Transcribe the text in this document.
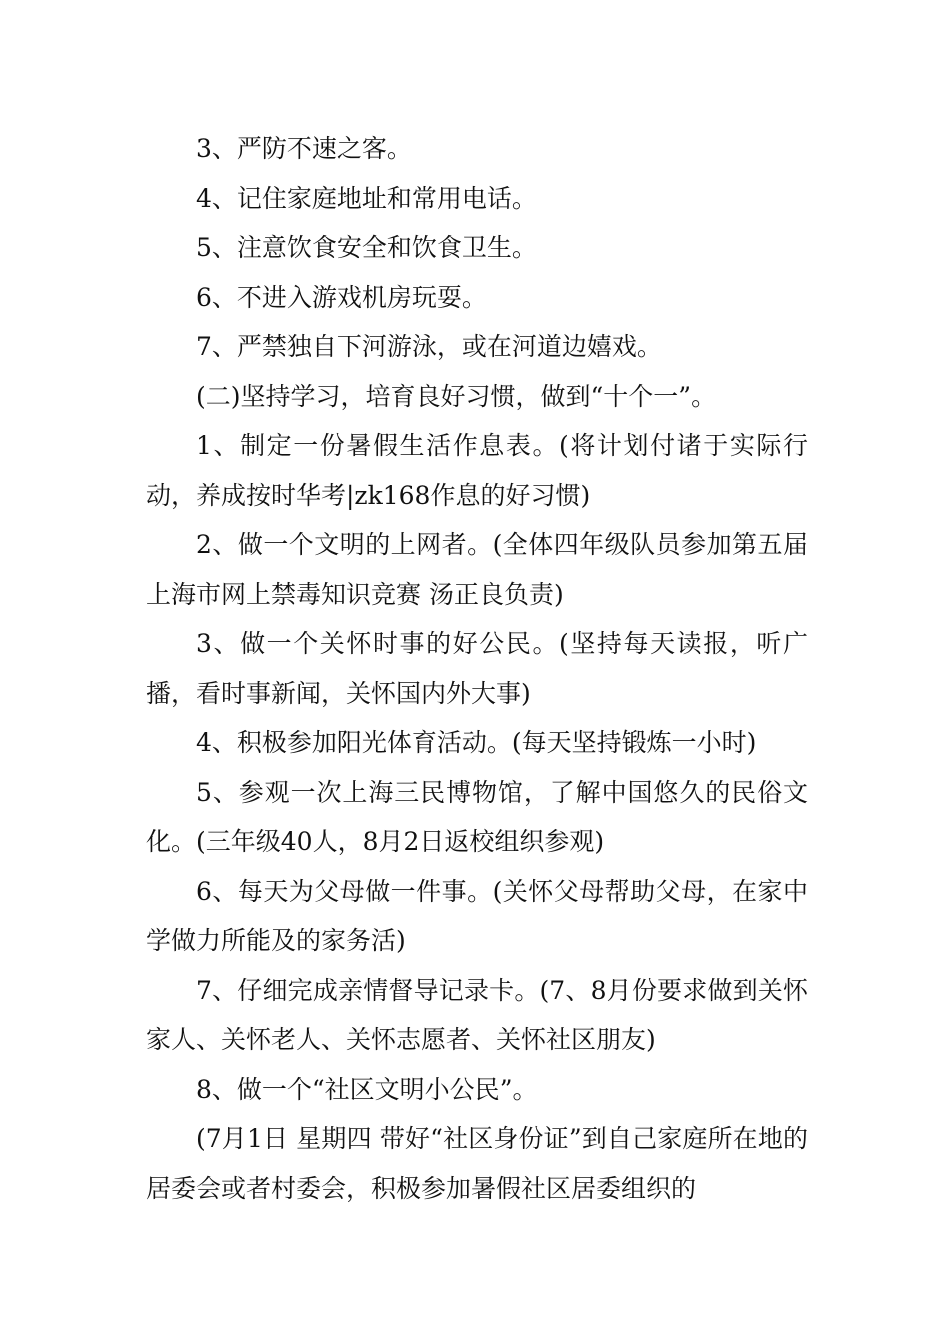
3、严防不速之客。

4、记住家庭地址和常用电话。

5、注意饮食安全和饮食卫生。

6、不进入游戏机房玩耍。

7、严禁独自下河游泳，或在河道边嬉戏。

(二)坚持学习，培育良好习惯，做到“十个一”。

1、制定一份暑假生活作息表。(将计划付诸于实际行动，养成按时华考|zk168作息的好习惯)

2、做一个文明的上网者。(全体四年级队员参加第五届上海市网上禁毒知识竞赛 汤正良负责)

3、做一个关怀时事的好公民。(坚持每天读报，听广播，看时事新闻，关怀国内外大事)

4、积极参加阳光体育活动。(每天坚持锻炼一小时)

5、参观一次上海三民博物馆，了解中国悠久的民俗文化。(三年级40人，8月2日返校组织参观)

6、每天为父母做一件事。(关怀父母帮助父母，在家中学做力所能及的家务活)

7、仔细完成亲情督导记录卡。(7、8月份要求做到关怀家人、关怀老人、关怀志愿者、关怀社区朋友)

8、做一个“社区文明小公民”。

(7月1日 星期四 带好“社区身份证”到自己家庭所在地的居委会或者村委会，积极参加暑假社区居委组织的
